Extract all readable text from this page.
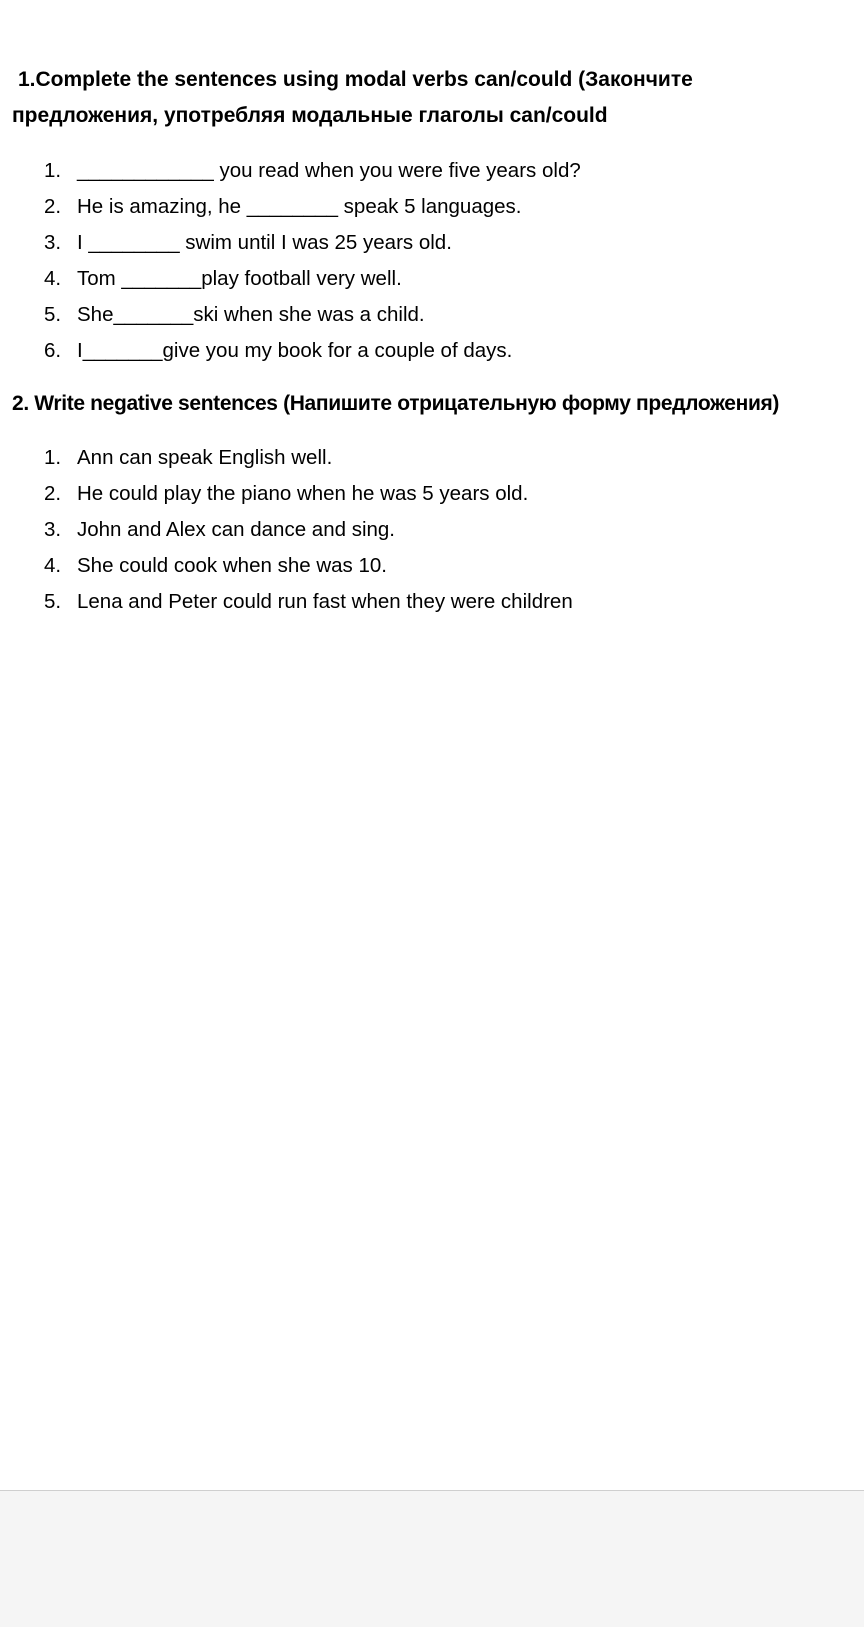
1.Complete the sentences using modal verbs can/could (Закончите
предложения, употребляя модальные глаголы can/could
1. ____________ you read when you were five years old?
2. He is amazing, he ________ speak 5 languages.
3. I ________ swim until I was 25 years old.
4. Tom _______play football very well.
5. She_______ski when she was a child.
6. I_______give you my book for a couple of days.
2. Write negative sentences (Напишите отрицательную форму предложения)
1. Ann can speak English well.
2. He could play the piano when he was 5 years old.
3. John and Alex can dance and sing.
4. She could cook when she was 10.
5. Lena and Peter could run fast when they were children
